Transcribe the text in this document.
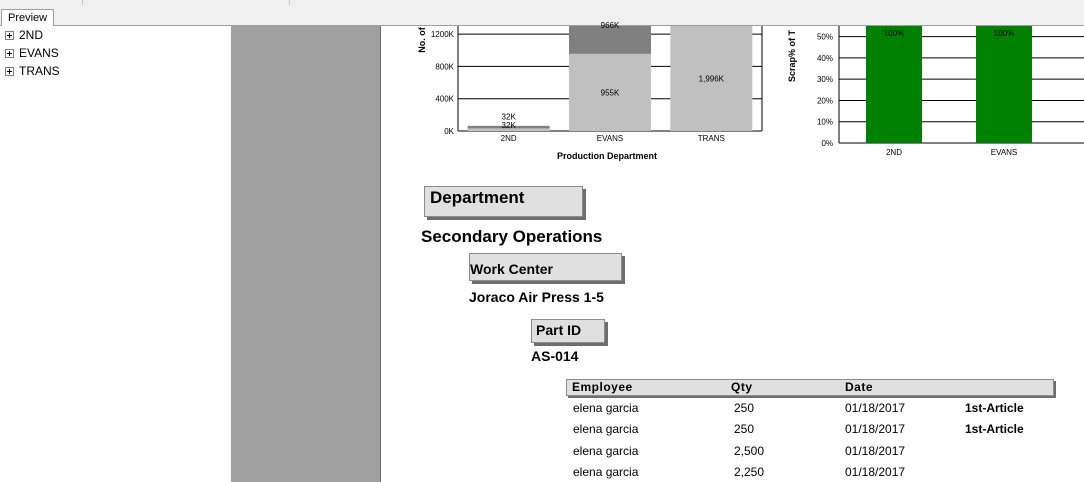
Preview
2ND
EVANS
TRANS
No. of
0K
400K
800K
1200K
32K
32K
955K
966K
1,996K
2ND	EVANS	TRANS
Production Department
Scrap% of T
0%
10%
20%
30%
40%
50%	100%	100%
2ND	EVANS
Department
Secondary Operations
Work Center
Joraco Air Press 1-5
Part ID
AS-014
Employee	Qty	Date
elena garcia	250	01/18/2017	1st-Article
elena garcia	250	01/18/2017	1st-Article
elena garcia	2,500	01/18/2017
elena garcia	2,250	01/18/2017
